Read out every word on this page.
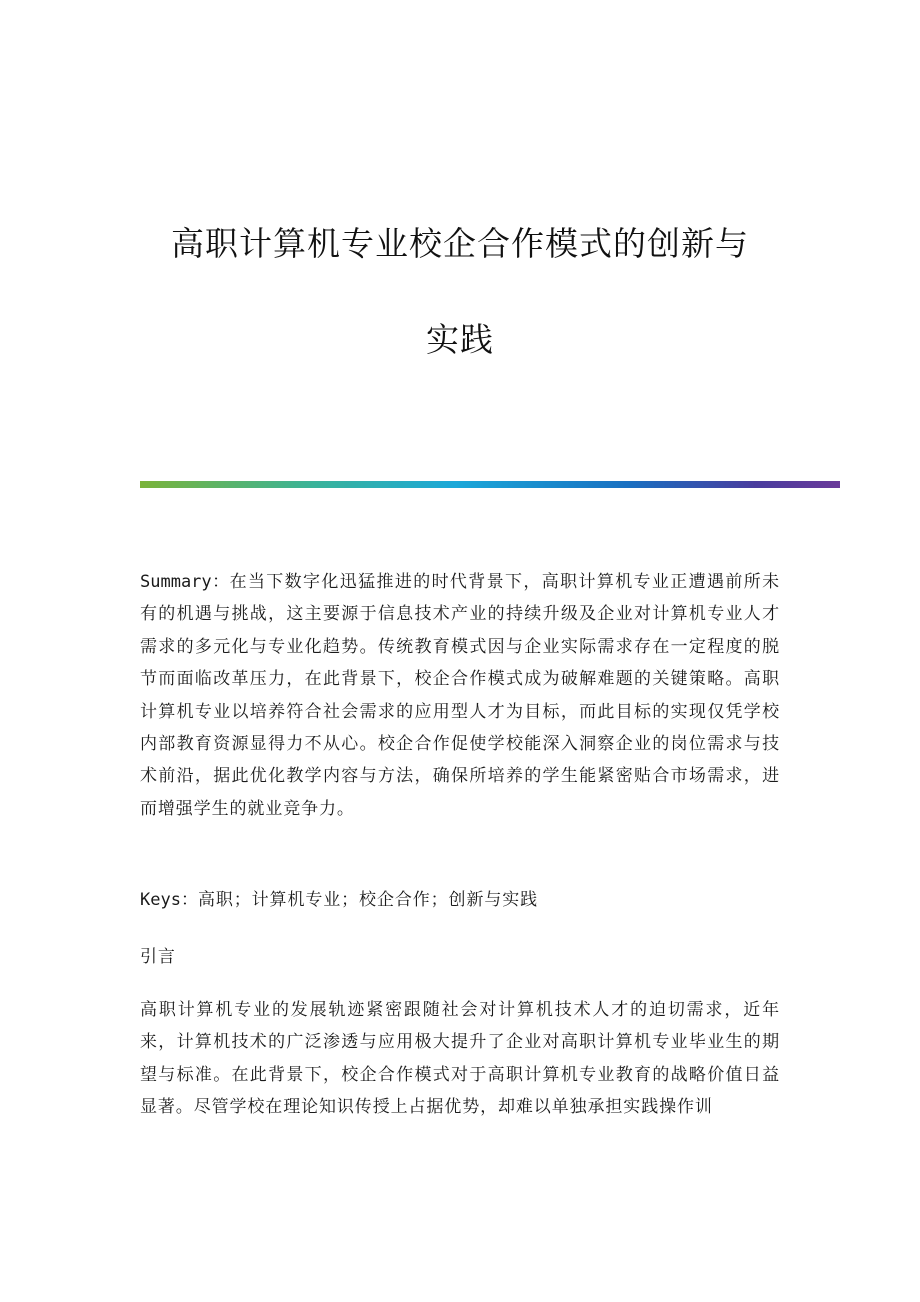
高职计算机专业校企合作模式的创新与
实践

Summary：在当下数字化迅猛推进的时代背景下，高职计算机专业正遭遇前所未有的机遇与挑战，这主要源于信息技术产业的持续升级及企业对计算机专业人才需求的多元化与专业化趋势。传统教育模式因与企业实际需求存在一定程度的脱节而面临改革压力，在此背景下，校企合作模式成为破解难题的关键策略。高职计算机专业以培养符合社会需求的应用型人才为目标，而此目标的实现仅凭学校内部教育资源显得力不从心。校企合作促使学校能深入洞察企业的岗位需求与技术前沿，据此优化教学内容与方法，确保所培养的学生能紧密贴合市场需求，进而增强学生的就业竞争力。

Keys：高职；计算机专业；校企合作；创新与实践

引言

高职计算机专业的发展轨迹紧密跟随社会对计算机技术人才的迫切需求，近年来，计算机技术的广泛渗透与应用极大提升了企业对高职计算机专业毕业生的期望与标准。在此背景下，校企合作模式对于高职计算机专业教育的战略价值日益显著。尽管学校在理论知识传授上占据优势，却难以单独承担实践操作训
